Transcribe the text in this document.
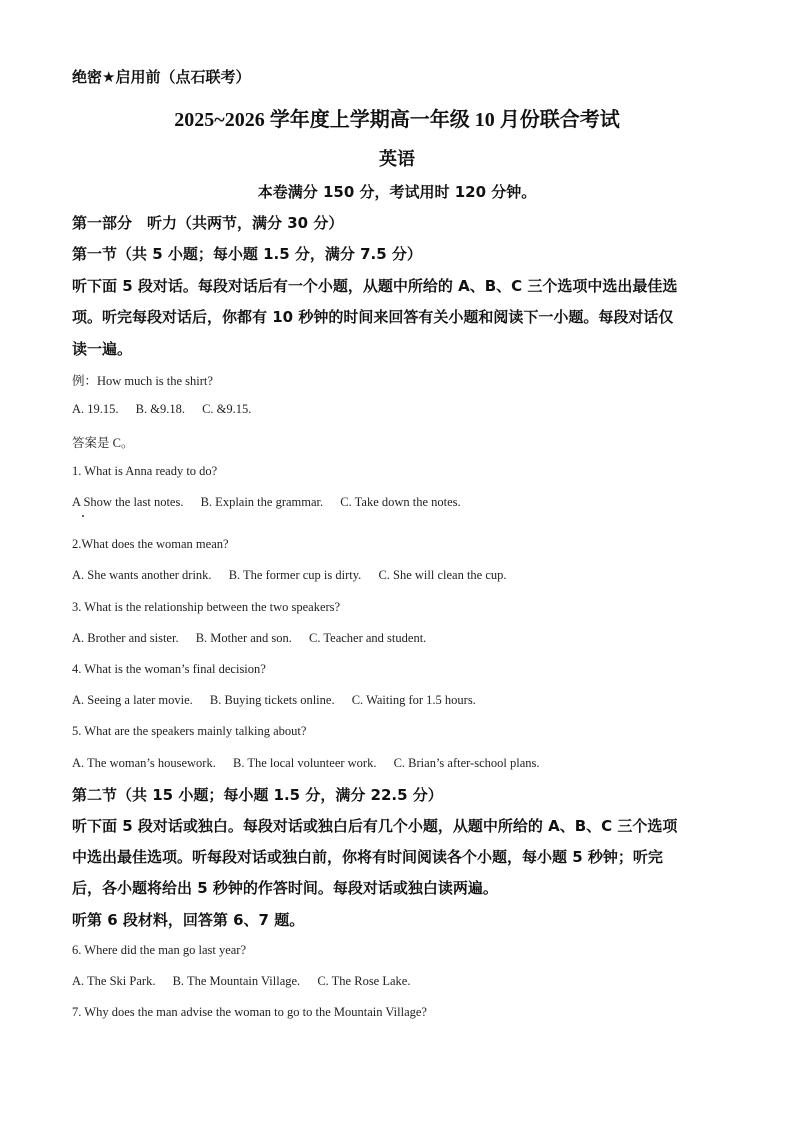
绝密★启用前（点石联考）
2025~2026 学年度上学期高一年级 10 月份联合考试
英语
本卷满分 150 分，考试用时 120 分钟。
第一部分　听力（共两节，满分 30 分）
第一节（共 5 小题；每小题 1.5 分，满分 7.5 分）
听下面 5 段对话。每段对话后有一个小题，从题中所给的 A、B、C 三个选项中选出最佳选
项。听完每段对话后，你都有 10 秒钟的时间来回答有关小题和阅读下一小题。每段对话仅
读一遍。
例：How much is the shirt?
A. 19.15. B. &9.18. C. &9.15.
答案是 C。
1. What is Anna ready to do?
A Show the last notes. B. Explain the grammar. C. Take down the notes.
2.What does the woman mean?
A. She wants another drink. B. The former cup is dirty. C. She will clean the cup.
3. What is the relationship between the two speakers?
A. Brother and sister. B. Mother and son. C. Teacher and student.
4. What is the woman’s final decision?
A. Seeing a later movie. B. Buying tickets online. C. Waiting for 1.5 hours.
5. What are the speakers mainly talking about?
A. The woman’s housework. B. The local volunteer work. C. Brian’s after-school plans.
第二节（共 15 小题；每小题 1.5 分，满分 22.5 分）
听下面 5 段对话或独白。每段对话或独白后有几个小题，从题中所给的 A、B、C 三个选项
中选出最佳选项。听每段对话或独白前，你将有时间阅读各个小题，每小题 5 秒钟；听完
后，各小题将给出 5 秒钟的作答时间。每段对话或独白读两遍。
听第 6 段材料，回答第 6、7 题。
6. Where did the man go last year?
A. The Ski Park. B. The Mountain Village. C. The Rose Lake.
7. Why does the man advise the woman to go to the Mountain Village?
